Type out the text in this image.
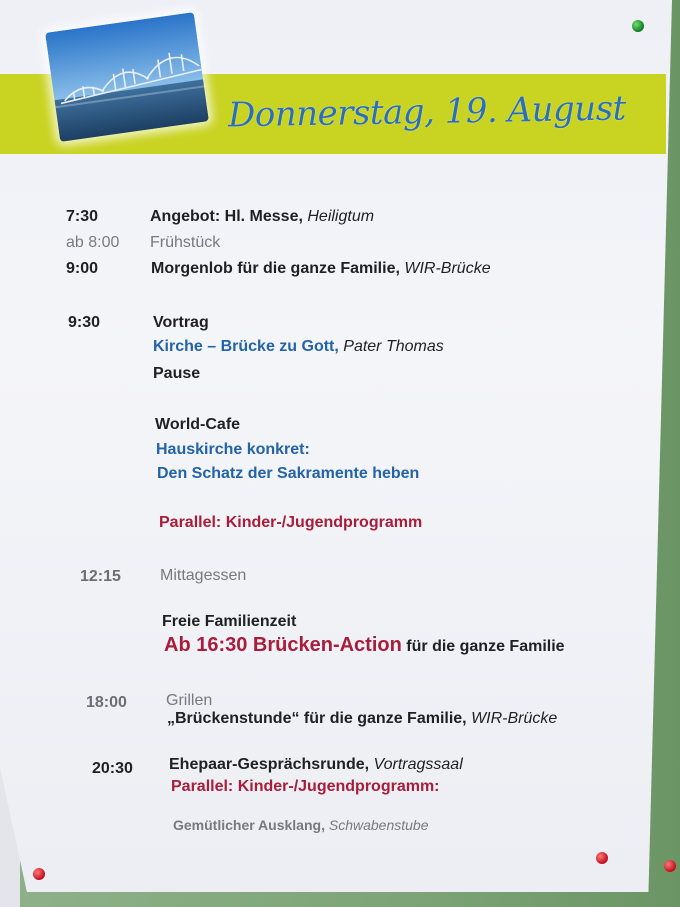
Donnerstag, 19. August
7:30	Angebot: Hl. Messe, Heiligtum
ab 8:00 Frühstück
9:00	Morgenlob für die ganze Familie, WIR-Brücke
9:30	Vortrag
Kirche – Brücke zu Gott, Pater Thomas
Pause
World-Cafe
Hauskirche konkret:
Den Schatz der Sakramente heben
Parallel: Kinder-/Jugendprogramm
12:15 Mittagessen
Freie Familienzeit
Ab 16:30 Brücken-Action für die ganze Familie
18:00 Grillen
„Brückenstunde“ für die ganze Familie, WIR-Brücke
20:30 Ehepaar-Gesprächsrunde, Vortragssaal
Parallel: Kinder-/Jugendprogramm:
Gemütlicher Ausklang, Schwabenstube
